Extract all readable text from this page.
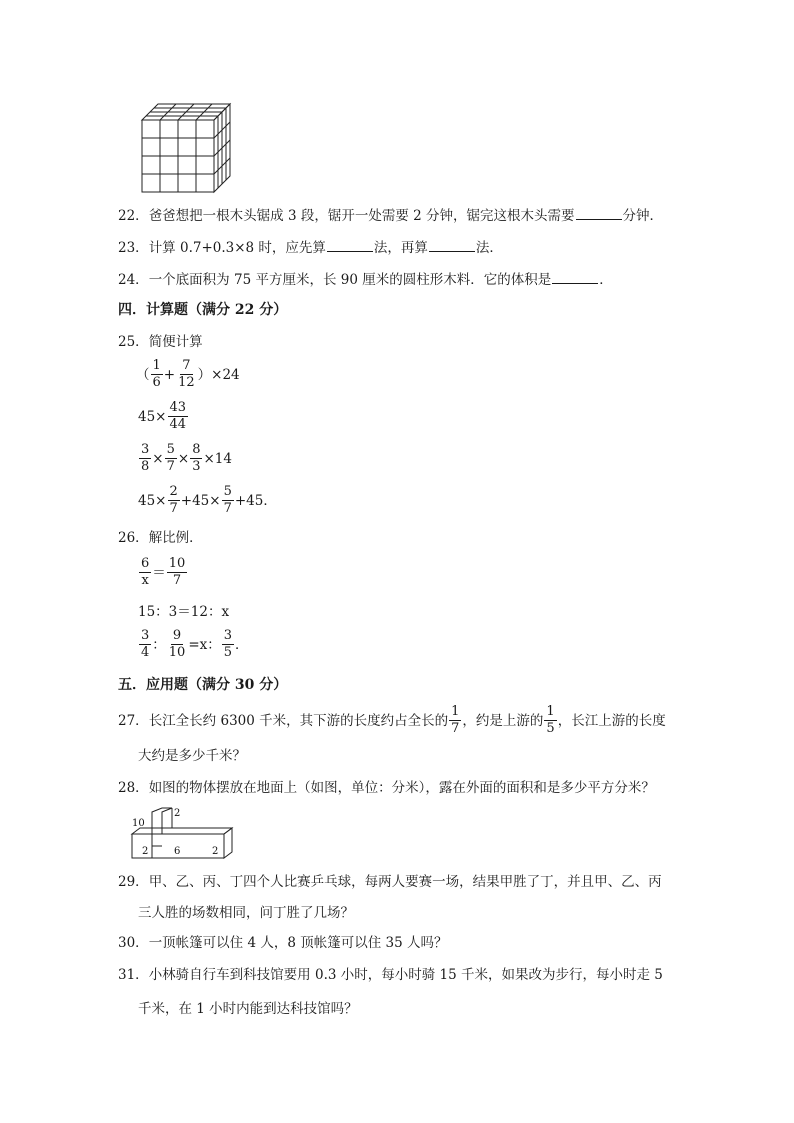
22．爸爸想把一根木头锯成 3 段，锯开一处需要 2 分钟，锯完这根木头需要	分钟．
23．计算 0.7+0.3×8 时，应先算	法，再算	法．
24．一个底面积为 75 平方厘米，长 90 厘米的圆柱形木料．它的体积是	．
四．计算题（满分 22 分）
25．简便计算
（ $\frac{1}{6} + \frac{7}{12} )\times 24$
$45\times \frac{43}{44}$
$\frac{3}{8} \times \frac{5}{7} \times \frac{8}{3} \times 14$
$45\times \frac{2}{7} +45\times \frac{5}{7} +45$．
26．解比例．
$\frac{6}{x} = \frac{10}{7}$
15：3＝12：x
$\frac{3}{4}$ ： $\frac{9}{10} =x$： $\frac{3}{5}$ ．
五．应用题（满分 30 分）
27． 长江全长约 6300 千米，其下游的长度约占全长的 $\frac{1}{7}$ ，约是上游的 $\frac{1}{5}$ ，长江上游的长度
大约是多少千米？
28．如图的物体摆放在地面上（如图，单位：分米），露在外面的面积和是多少平方分米？
2
10
2	6	2
29．甲、乙、丙、丁四个人比赛乒乓球，每两人要赛一场，结果甲胜了丁，并且甲、乙、丙
三人胜的场数相同，问丁胜了几场？
30．一顶帐篷可以住 4 人，8 顶帐篷可以住 35 人吗？
31．小林骑自行车到科技馆要用 0.3 小时，每小时骑 15 千米，如果改为步行，每小时走 5
千米，在 1 小时内能到达科技馆吗？
